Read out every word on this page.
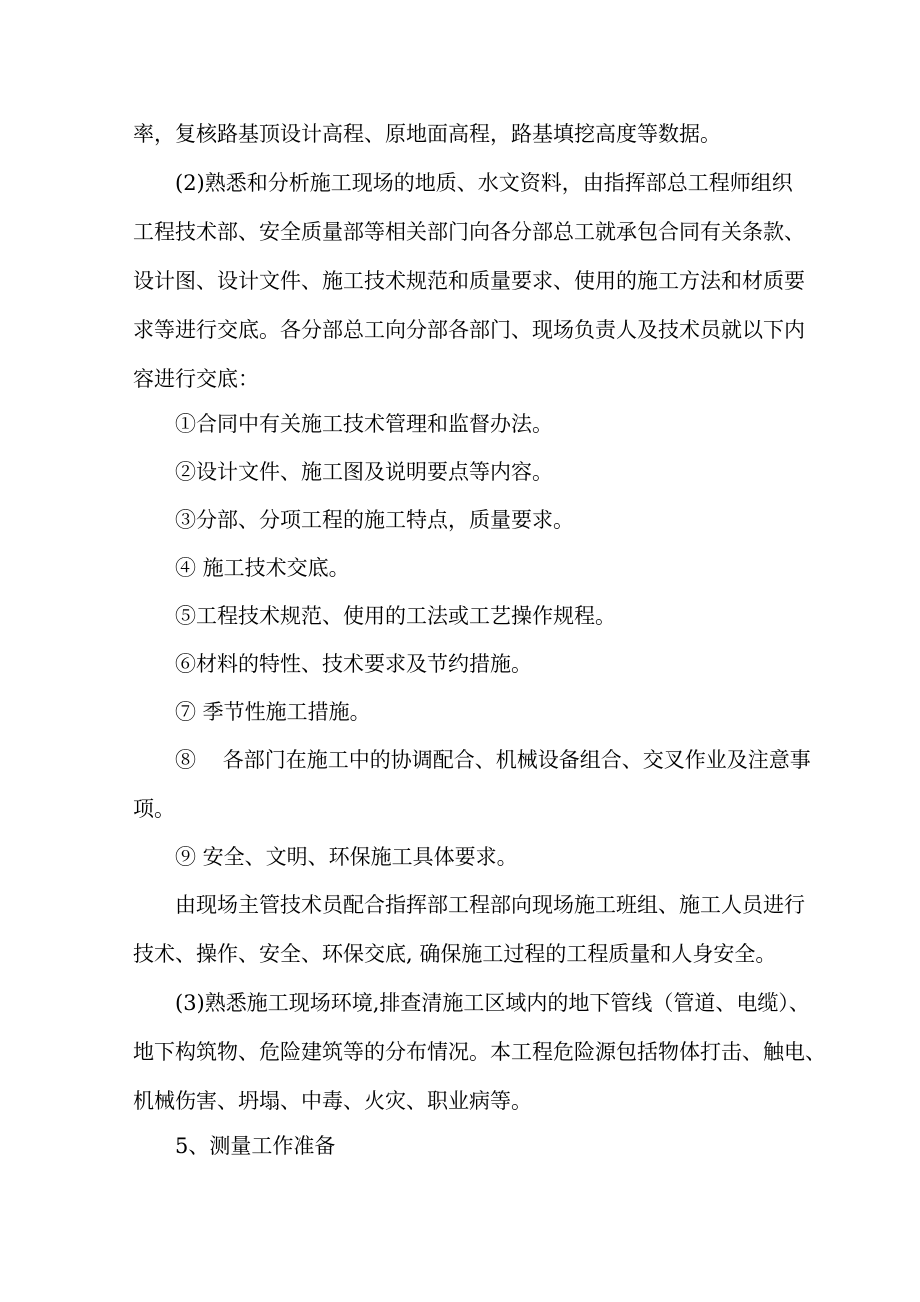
率，复核路基顶设计高程、原地面高程，路基填挖高度等数据。
(2)熟悉和分析施工现场的地质、水文资料，由指挥部总工程师组织
工程技术部、安全质量部等相关部门向各分部总工就承包合同有关条款、
设计图、设计文件、施工技术规范和质量要求、使用的施工方法和材质要
求等进行交底。各分部总工向分部各部门、现场负责人及技术员就以下内
容进行交底：
①合同中有关施工技术管理和监督办法。
②设计文件、施工图及说明要点等内容。
③分部、分项工程的施工特点，质量要求。
④ 施工技术交底。
⑤工程技术规范、使用的工法或工艺操作规程。
⑥材料的特性、技术要求及节约措施。
⑦ 季节性施工措施。
⑧    各部门在施工中的协调配合、机械设备组合、交叉作业及注意事
项。
⑨ 安全、文明、环保施工具体要求。
由现场主管技术员配合指挥部工程部向现场施工班组、施工人员进行
技术、操作、安全、环保交底, 确保施工过程的工程质量和人身安全。
(3)熟悉施工现场环境,排查清施工区域内的地下管线（管道、电缆）、
地下构筑物、危险建筑等的分布情况。本工程危险源包括物体打击、触电、
机械伤害、坍塌、中毒、火灾、职业病等。
5、测量工作准备
